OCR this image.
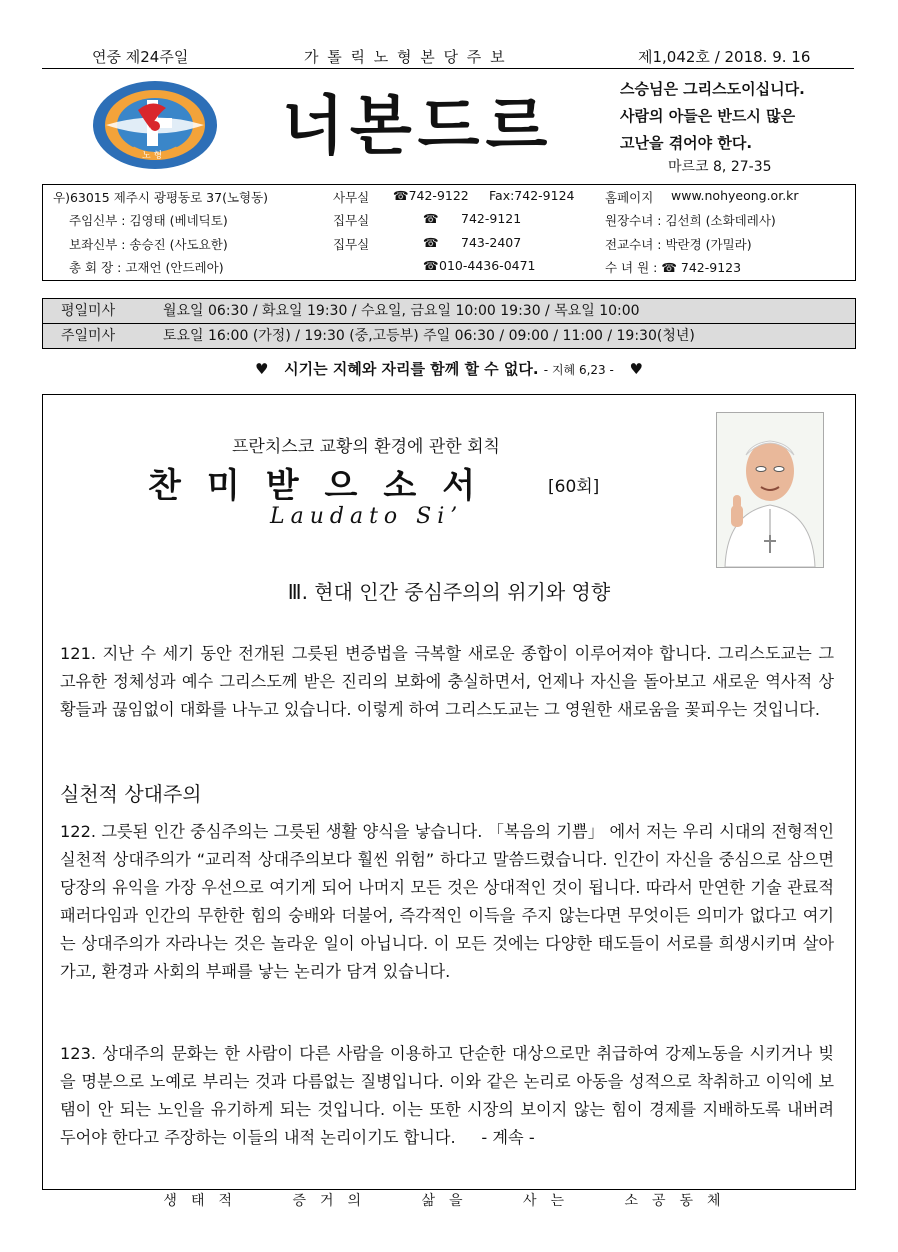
연중 제24주일	가 톨 릭 노 형 본 당 주 보	제1,042호 / 2018. 9. 16
노 형 너본드르
스승님은 그리스도이십니다.
사람의 아들은 반드시 많은
고난을 겪어야 한다.
마르코 8, 27-35
우)63015 제주시 광평동로 37(노형동)	사무실 ☎742-9122 Fax:742-9124 홈페이지 www.nohyeong.or.kr
주임신부 : 김영태 (베네딕토)	집무실	☎ 742-9121	원장수녀 : 김선희 (소화데레사)
보좌신부 : 송승진 (사도요한)	집무실	☎ 743-2407	전교수녀 : 박란경 (가밀라)
총 회 장 : 고재언 (안드레아)	☎ 010-4436-0471	수 녀 원 : ☎ 742-9123
평일미사	월요일 06:30 / 화요일 19:30 / 수요일, 금요일 10:00 19:30 / 목요일 10:00
주일미사	토요일 16:00 (가정) / 19:30 (중,고등부) 주일 06:30 / 09:00 / 11:00 / 19:30(청년)
♥ 시기는 지혜와 자리를 함께 할 수 없다. - 지혜 6,23 - ♥
프란치스코 교황의 환경에 관한 회칙
찬미받으소서	[60회]
Laudato Si’
Ⅲ. 현대 인간 중심주의의 위기와 영향
121. 지난 수 세기 동안 전개된 그릇된 변증법을 극복할 새로운 종합이 이루어져야 합니다. 그리스도교는 그 고유한 정체성과 예수 그리스도께 받은 진리의 보화에 충실하면서, 언제나 자신을 돌아보고 새로운 역사적 상황들과 끊임없이 대화를 나누고 있습니다. 이렇게 하여 그리스도교는 그 영원한 새로움을 꽃피우는 것입니다.
실천적 상대주의
122. 그릇된 인간 중심주의는 그릇된 생활 양식을 낳습니다. 「복음의 기쁨」 에서 저는 우리 시대의 전형적인 실천적 상대주의가 “교리적 상대주의보다 훨씬 위험” 하다고 말씀드렸습니다. 인간이 자신을 중심으로 삼으면 당장의 유익을 가장 우선으로 여기게 되어 나머지 모든 것은 상대적인 것이 됩니다. 따라서 만연한 기술 관료적 패러다임과 인간의 무한한 힘의 숭배와 더불어, 즉각적인 이득을 주지 않는다면 무엇이든 의미가 없다고 여기는 상대주의가 자라나는 것은 놀라운 일이 아닙니다. 이 모든 것에는 다양한 태도들이 서로를 희생시키며 살아가고, 환경과 사회의 부패를 낳는 논리가 담겨 있습니다.
123. 상대주의 문화는 한 사람이 다른 사람을 이용하고 단순한 대상으로만 취급하여 강제노동을 시키거나 빚을 명분으로 노예로 부리는 것과 다름없는 질병입니다. 이와 같은 논리로 아동을 성적으로 착취하고 이익에 보탬이 안 되는 노인을 유기하게 되는 것입니다. 이는 또한 시장의 보이지 않는 힘이 경제를 지배하도록 내버려 두어야 한다고 주장하는 이들의 내적 논리이기도 합니다. - 계속 -
생태적 증거의 삶을 사는 소공동체
